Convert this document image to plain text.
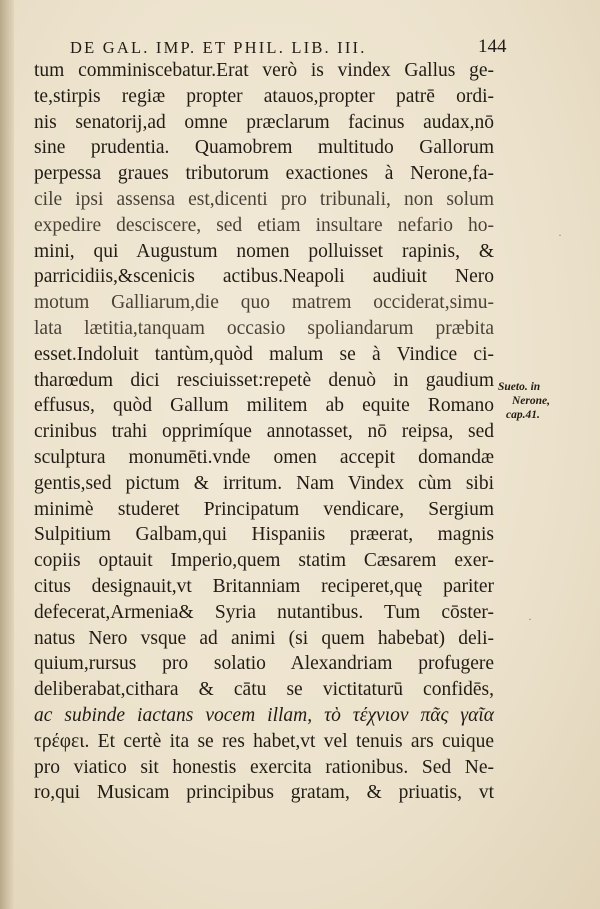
DE GAL. IMP. ET PHIL. LIB. III.	144
tum comminiscebatur.Erat verò is vindex Gallus ge-
te,stirpis regiæ propter atauos,propter patrē ordi-
nis senatorij,ad omne præclarum facinus audax,nō
sine prudentia. Quamobrem multitudo Gallorum
perpessa graues tributorum exactiones à Nerone,fa-
cile ipsi assensa est,dicenti pro tribunali, non solum
expedire desciscere, sed etiam insultare nefario ho-
mini, qui Augustum nomen polluisset rapinis, &
parricidiis,&scenicis actibus.Neapoli audiuit Nero
motum Galliarum,die quo matrem occiderat,simu-
lata lætitia,tanquam occasio spoliandarum præbita
esset.Indoluit tantùm,quòd malum se à Vindice ci-
tharœdum dici resciuisset:repetè denuò in gaudium
effusus, quòd Gallum militem ab equite Romano
crinibus trahi opprimíque annotasset, nō reipsa, sed
sculptura monumēti.vnde omen accepit domandæ
gentis,sed pictum & irritum. Nam Vindex cùm sibi
minimè studeret Principatum vendicare, Sergium
Sulpitium Galbam,qui Hispaniis præerat, magnis
copiis optauit Imperio,quem statim Cæsarem exer-
citus designauit,vt Britanniam reciperet,quę pariter
defecerat,Armenia& Syria nutantibus. Tum cōster-
natus Nero vsque ad animi (si quem habebat) deli-
quium,rursus pro solatio Alexandriam profugere
deliberabat,cithara & cātu se victitaturū confidēs,
ac subinde iactans vocem illam, τὸ τέχνιον πᾶς γαῖα
τρέφει. Et certè ita se res habet,vt vel tenuis ars cuique
pro viatico sit honestis exercita rationibus. Sed Ne-
ro,qui Musicam principibus gratam, & priuatis, vt
Sueto. in
Nerone,
cap.41.
·
·
